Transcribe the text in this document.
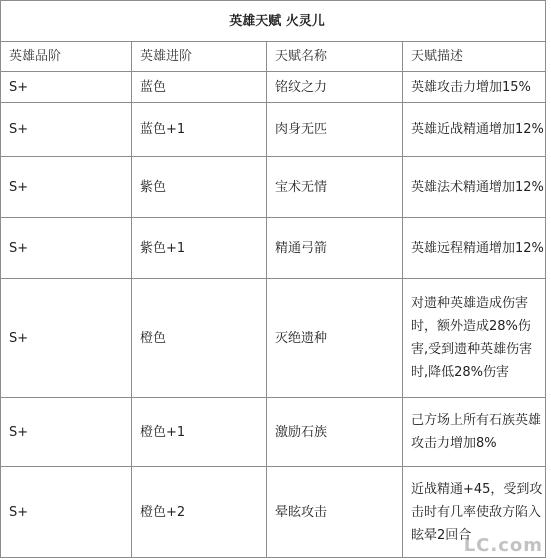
英雄天赋 火灵儿			
英雄品阶	英雄进阶	天赋名称	天赋描述
S+	蓝色	铭纹之力	英雄攻击力增加15%
S+	蓝色+1	肉身无匹	英雄近战精通增加12%
S+	紫色	宝术无情	英雄法术精通增加12%
S+	紫色+1	精通弓箭	英雄远程精通增加12%
S+	橙色	灭绝遗种	对遗种英雄造成伤害时，额外造成28%伤害,受到遗种英雄伤害时,降低28%伤害
S+	橙色+1	激励石族	己方场上所有石族英雄攻击力增加8%
S+	橙色+2	晕眩攻击	近战精通+45，受到攻击时有几率使敌方陷入眩晕2回合
LC.com
